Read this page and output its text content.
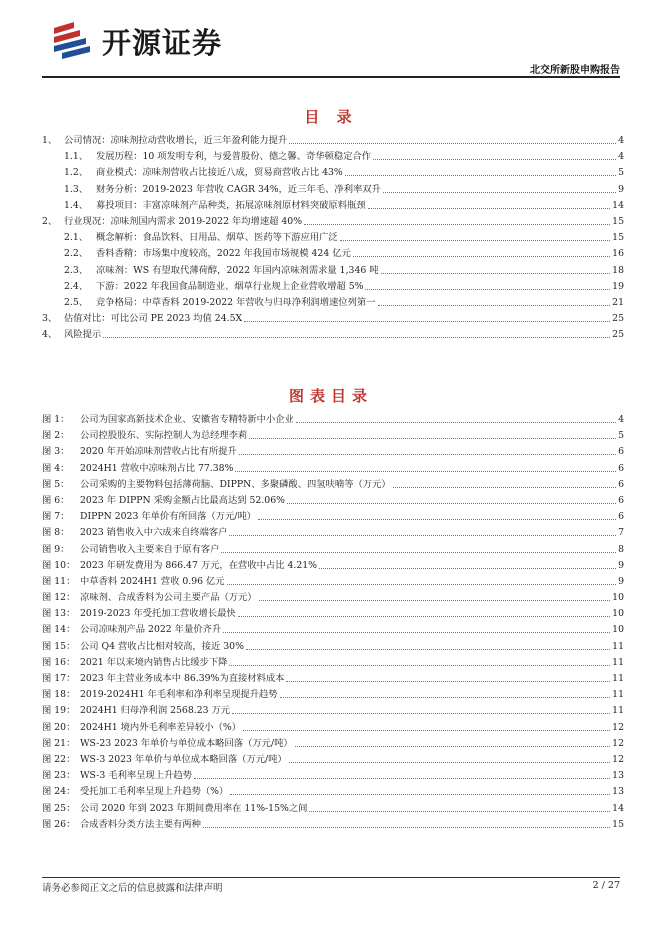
开源证券
北交所新股申购报告
目 录
1、 公司情况：凉味剂拉动营收增长，近三年盈利能力提升	4
1.1、 发展历程：10 项发明专利，与爱普股份、德之馨、奇华顿稳定合作	4
1.2、 商业模式：凉味剂营收占比接近八成，贸易商营收占比 43%	5
1.3、 财务分析：2019-2023 年营收 CAGR 34%，近三年毛、净利率双升	9
1.4、 募投项目：丰富凉味剂产品种类，拓展凉味剂原材料突破原料瓶颈	14
2、 行业现况：凉味剂国内需求 2019-2022 年均增速超 40%	15
2.1、 概念解析：食品饮料、日用品、烟草、医药等下游应用广泛	15
2.2、 香料香精：市场集中度较高，2022 年我国市场规模 424 亿元	16
2.3、 凉味剂：WS 有望取代薄荷醇，2022 年国内凉味剂需求量 1,346 吨	18
2.4、 下游：2022 年我国食品制造业、烟草行业规上企业营收增超 5%	19
2.5、 竞争格局：中草香料 2019-2022 年营收与归母净利润增速位列第一	21
3、 估值对比：可比公司 PE 2023 均值 24.5X	25
4、 风险提示	25
图表目录
图 1：	公司为国家高新技术企业、安徽省专精特新中小企业	4
图 2：	公司控股股东、实际控制人为总经理李莉	5
图 3：	2020 年开始凉味剂营收占比有所提升	6
图 4：	2024H1 营收中凉味剂占比 77.38%	6
图 5：	公司采购的主要物料包括薄荷脑、DIPPN、多聚磷酸、四氢呋喃等（万元）	6
图 6：	2023 年 DIPPN 采购金额占比最高达到 52.06%	6
图 7：	DIPPN 2023 年单价有所回落（万元/吨）	6
图 8：	2023 销售收入中六成来自终端客户	7
图 9：	公司销售收入主要来自于原有客户	8
图 10： 2023 年研发费用为 866.47 万元，在营收中占比 4.21%	9
图 11： 中草香料 2024H1 营收 0.96 亿元	9
图 12： 凉味剂、合成香料为公司主要产品（万元）	10
图 13： 2019-2023 年受托加工营收增长最快	10
图 14： 公司凉味剂产品 2022 年量价齐升	10
图 15： 公司 Q4 营收占比相对较高，接近 30%	11
图 16： 2021 年以来境内销售占比缓步下降	11
图 17： 2023 年主营业务成本中 86.39%为直接材料成本	11
图 18： 2019-2024H1 年毛利率和净利率呈现提升趋势	11
图 19： 2024H1 归母净利润 2568.23 万元	11
图 20： 2024H1 境内外毛利率差异较小（%）	12
图 21： WS-23 2023 年单价与单位成本略回落（万元/吨）	12
图 22： WS-3 2023 年单价与单位成本略回落（万元/吨）	12
图 23： WS-3 毛利率呈现上升趋势	13
图 24： 受托加工毛利率呈现上升趋势（%）	13
图 25： 公司 2020 年到 2023 年期间费用率在 11%-15%之间	14
图 26： 合成香料分类方法主要有两种	15
请务必参阅正文之后的信息披露和法律声明	2 / 27
